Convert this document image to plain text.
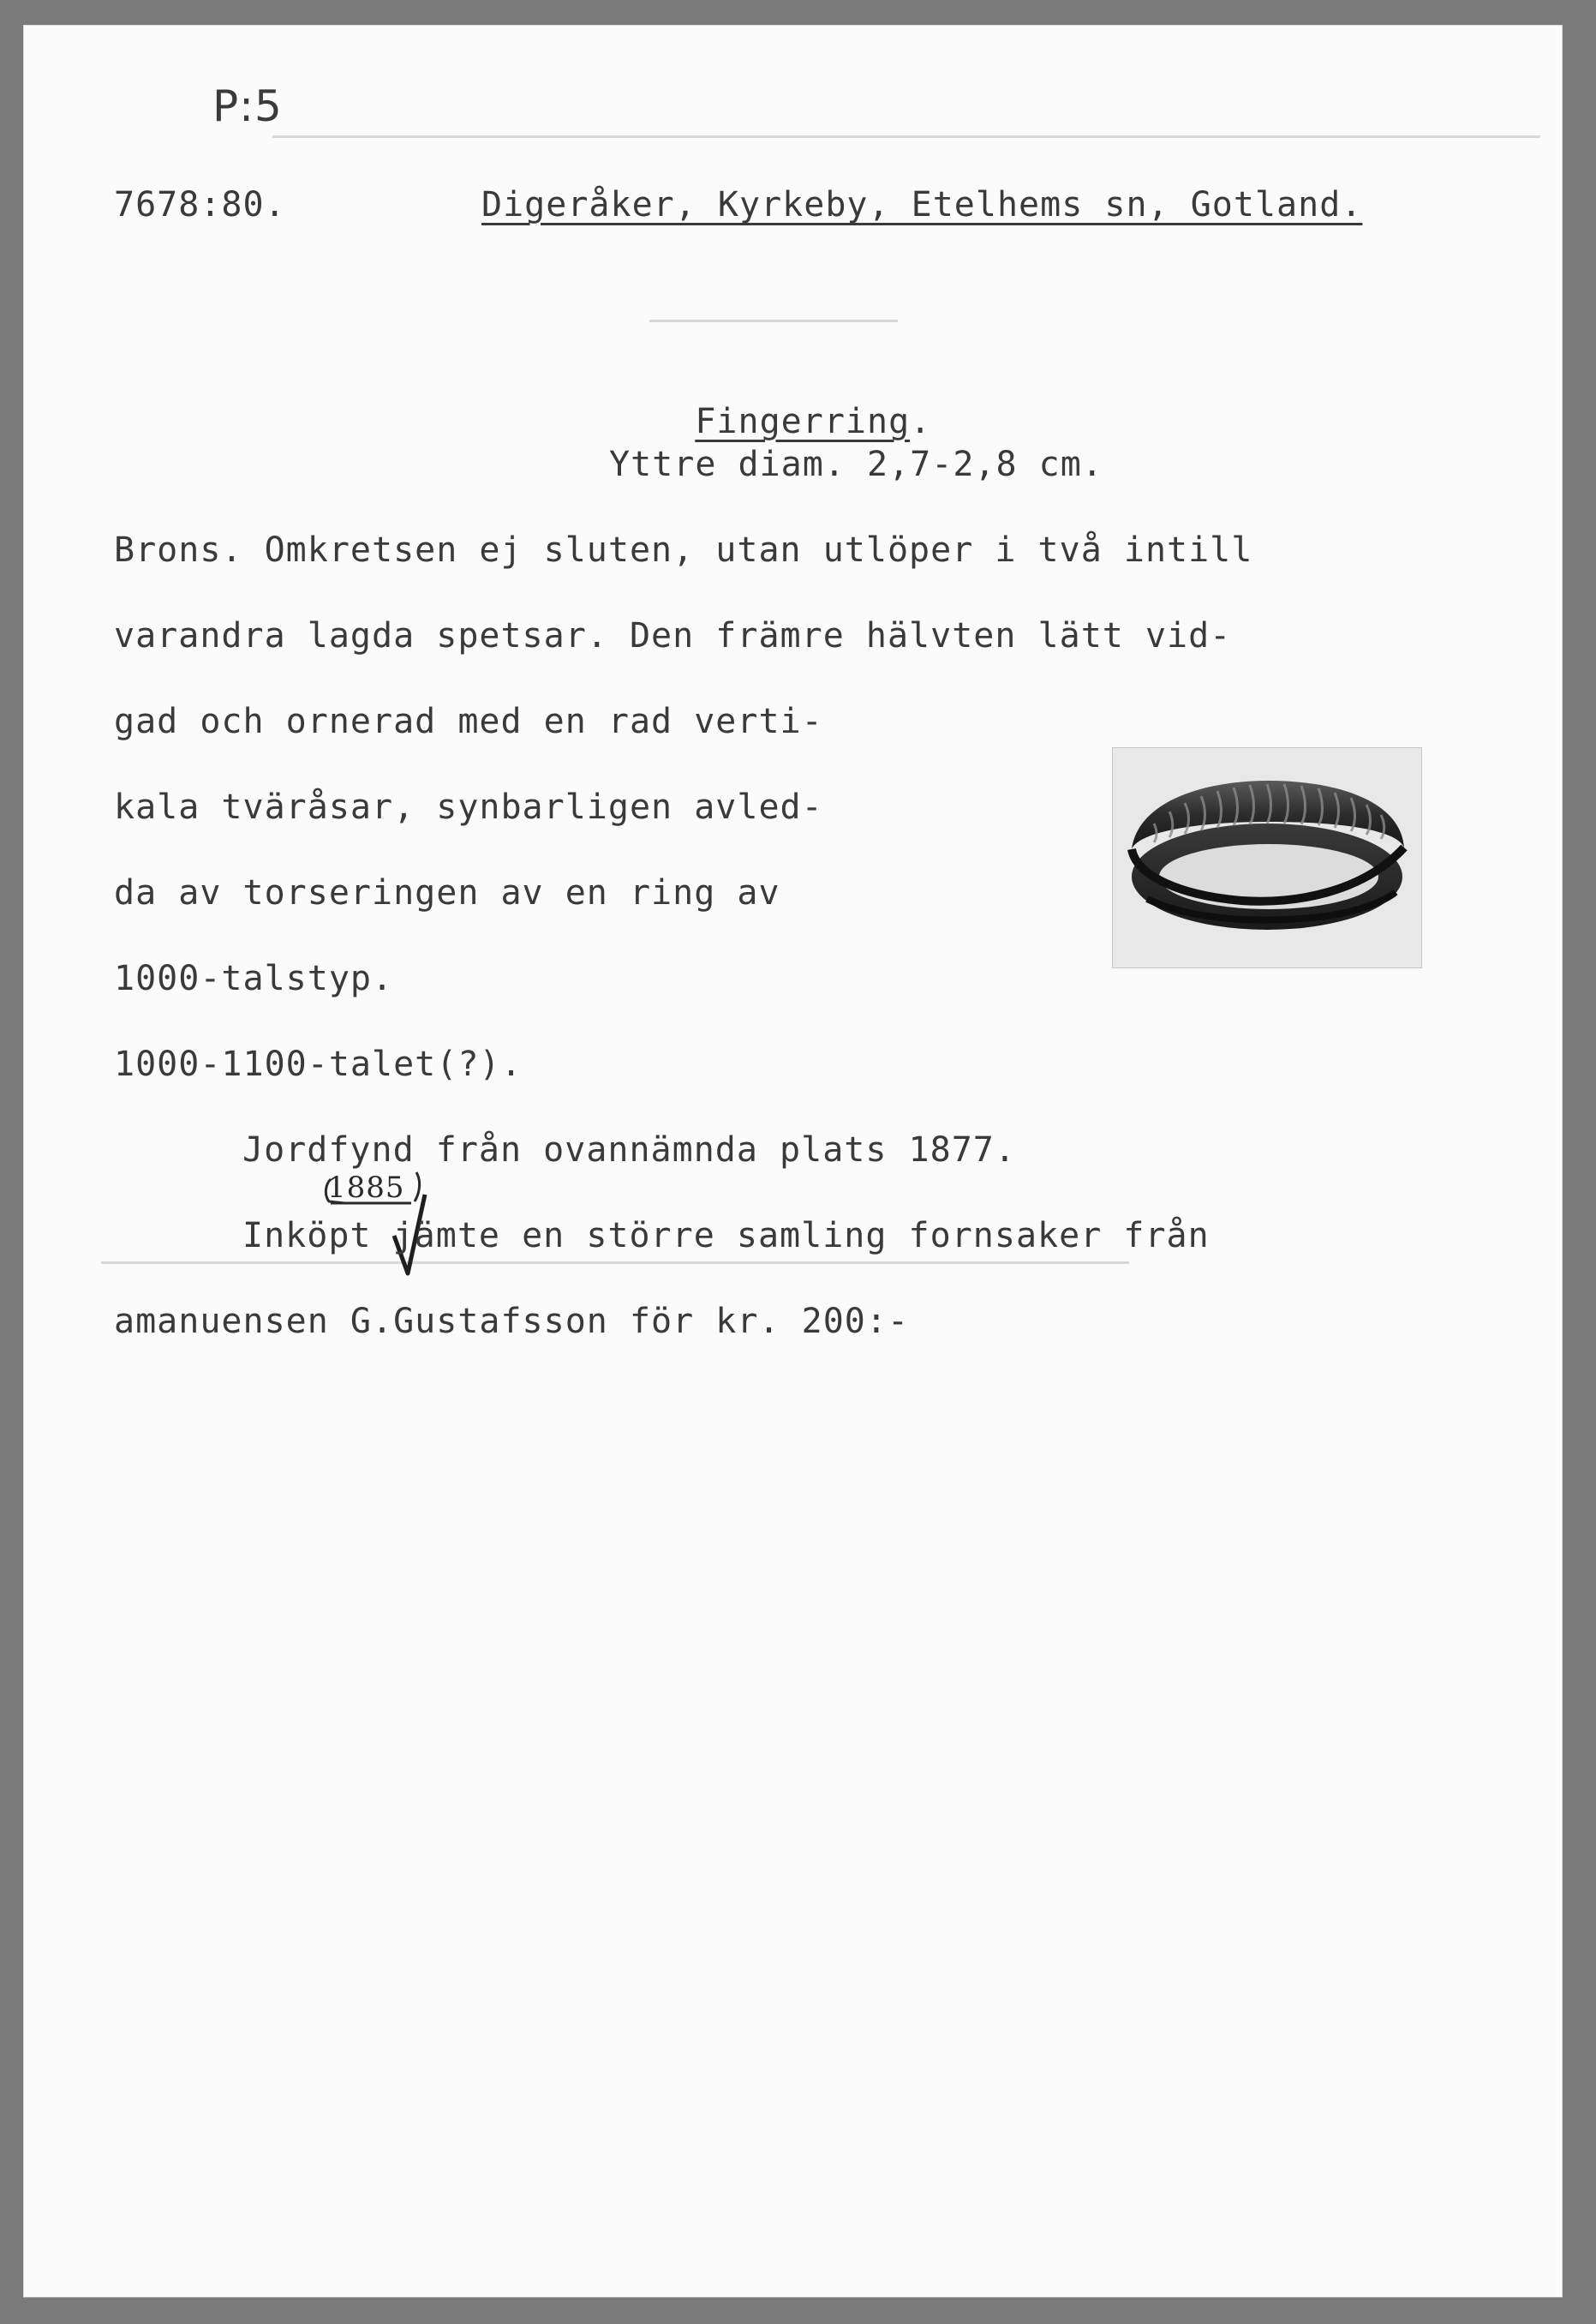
P:5
7678:80.	Digeråker, Kyrkeby, Etelhems sn, Gotland.

Fingerring.

Yttre diam. 2,7-2,8 cm.
Brons. Omkretsen ej sluten, utan utlöper i två intill
varandra lagda spetsar. Den främre hälvten lätt vid-
gad och ornerad med en rad verti-
kala tväråsar, synbarligen avled-
da av torseringen av en ring av
1000-talstyp.
1000-1100-talet(?).
Jordfynd från ovannämnda plats 1877.
1885
Inköpt jämte en större samling fornsaker från
amanuensen G.Gustafsson för kr. 200:-
